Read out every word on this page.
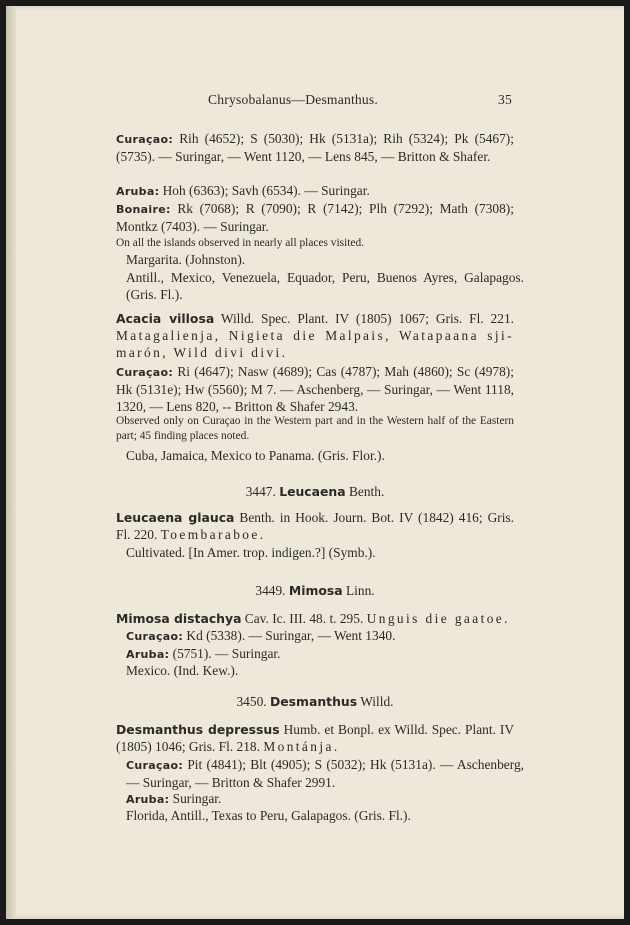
Chrysobalanus—Desmanthus.	35
Curaçao: Rih (4652); S (5030); Hk (5131a); Rih (5324); Pk (5467); (5735). — Suringar, — Went 1120, — Lens 845, — Britton & Shafer.
Aruba: Hoh (6363); Savh (6534). — Suringar.
Bonaire: Rk (7068); R (7090); R (7142); Plh (7292); Math (7308); Montkz (7403). — Suringar.
On all the islands observed in nearly all places visited.
Margarita. (Johnston).
Antill., Mexico, Venezuela, Equador, Peru, Buenos Ayres, Galapagos. (Gris. Fl.).
Acacia villosa Willd. Spec. Plant. IV (1805) 1067; Gris. Fl. 221. Matagalienja, Nigieta die Malpais, Watapaana sji-marón, Wild divi divi.
Curaçao: Ri (4647); Nasw (4689); Cas (4787); Mah (4860); Sc (4978); Hk (5131e); Hw (5560); M 7. — Aschenberg, — Suringar, — Went 1118, 1320, — Lens 820, -- Britton & Shafer 2943.
Observed only on Curaçao in the Western part and in the Western half of the Eastern part; 45 finding places noted.
Cuba, Jamaica, Mexico to Panama. (Gris. Flor.).
3447. Leucaena Benth.
Leucaena glauca Benth. in Hook. Journ. Bot. IV (1842) 416; Gris. Fl. 220. Toembaraboe.
Cultivated. [In Amer. trop. indigen.?] (Symb.).
3449. Mimosa Linn.
Mimosa distachya Cav. Ic. III. 48. t. 295. Unguis die gaatoe.
Curaçao: Kd (5338). — Suringar, — Went 1340.
Aruba: (5751). — Suringar.
Mexico. (Ind. Kew.).
3450. Desmanthus Willd.
Desmanthus depressus Humb. et Bonpl. ex Willd. Spec. Plant. IV (1805) 1046; Gris. Fl. 218. Montánja.
Curaçao: Pit (4841); Blt (4905); S (5032); Hk (5131a). — Aschenberg, — Suringar, — Britton & Shafer 2991.
Aruba: Suringar.
Florida, Antill., Texas to Peru, Galapagos. (Gris. Fl.).
